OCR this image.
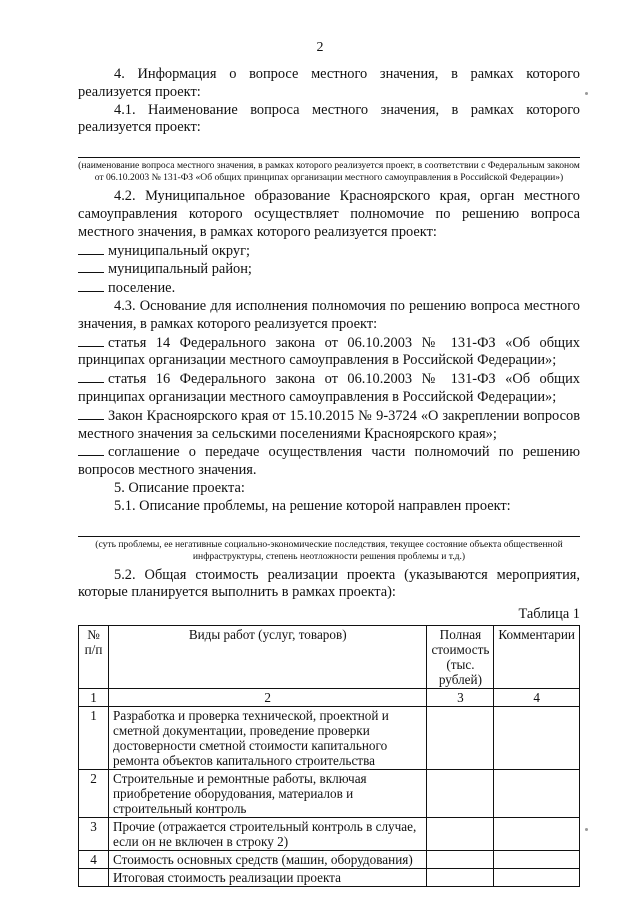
2

4. Информация о вопросе местного значения, в рамках которого реализуется проект:

4.1. Наименование вопроса местного значения, в рамках которого реализуется проект:

(наименование вопроса местного значения, в рамках которого реализуется проект, в соответствии с Федеральным законом от 06.10.2003 № 131-ФЗ «Об общих принципах организации местного самоуправления в Российской Федерации»)

4.2. Муниципальное образование Красноярского края, орган местного самоуправления которого осуществляет полномочие по решению вопроса местного значения, в рамках которого реализуется проект:

муниципальный округ;

муниципальный район;

поселение.

4.3. Основание для исполнения полномочия по решению вопроса местного значения, в рамках которого реализуется проект:

статья 14 Федерального закона от 06.10.2003 № 131-ФЗ «Об общих принципах организации местного самоуправления в Российской Федерации»;

статья 16 Федерального закона от 06.10.2003 № 131-ФЗ «Об общих принципах организации местного самоуправления в Российской Федерации»;

Закон Красноярского края от 15.10.2015 № 9-3724 «О закреплении вопросов местного значения за сельскими поселениями Красноярского края»;

соглашение о передаче осуществления части полномочий по решению вопросов местного значения.

5. Описание проекта:

5.1. Описание проблемы, на решение которой направлен проект:

(суть проблемы, ее негативные социально-экономические последствия, текущее состояние объекта общественной инфраструктуры, степень неотложности решения проблемы и т.д.)

5.2. Общая стоимость реализации проекта (указываются мероприятия, которые планируется выполнить в рамках проекта):

Таблица 1
№ п/п	Виды работ (услуг, товаров)	Полная стоимость (тыс. рублей)	Комментарии
1	2	3	4
1	Разработка и проверка технической, проектной и сметной документации, проведение проверки достоверности сметной стоимости капитального ремонта объектов капитального строительства		
2	Строительные и ремонтные работы, включая приобретение оборудования, материалов и строительный контроль		
3	Прочие (отражается строительный контроль в случае, если он не включен в строку 2)		
4	Стоимость основных средств (машин, оборудования)		
	Итоговая стоимость реализации проекта		
